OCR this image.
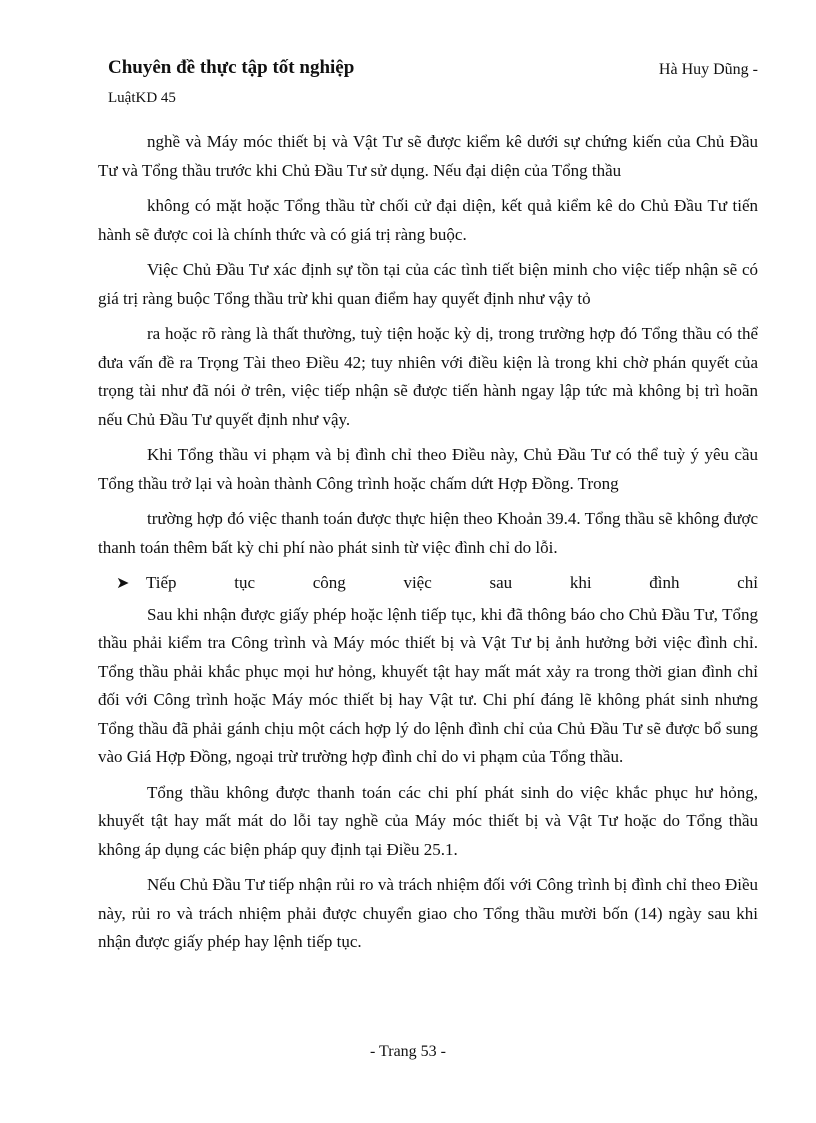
Chuyên đề thực tập tốt nghiệp	Hà Huy Dũng -
LuậtKD 45

nghề và Máy móc thiết bị và Vật Tư sẽ được kiểm kê dưới sự chứng kiến của Chủ Đầu Tư và Tổng thầu trước khi Chủ Đầu Tư sử dụng. Nếu đại diện của Tổng thầu

không có mặt hoặc Tổng thầu từ chối cử đại diện, kết quả kiểm kê do Chủ Đầu Tư tiến hành sẽ được coi là chính thức và có giá trị ràng buộc.

Việc Chủ Đầu Tư xác định sự tồn tại của các tình tiết biện minh cho việc tiếp nhận sẽ có giá trị ràng buộc Tổng thầu trừ khi quan điểm hay quyết định như vậy tỏ

ra hoặc rõ ràng là thất thường, tuỳ tiện hoặc kỳ dị, trong trường hợp đó Tổng thầu có thể đưa vấn đề ra Trọng Tài theo Điều 42; tuy nhiên với điều kiện là trong khi chờ phán quyết của trọng tài như đã nói ở trên, việc tiếp nhận sẽ được tiến hành ngay lập tức mà không bị trì hoãn nếu Chủ Đầu Tư quyết định như vậy.

Khi Tổng thầu vi phạm và bị đình chỉ theo Điều này, Chủ Đầu Tư có thể tuỳ ý yêu cầu Tổng thầu trở lại và hoàn thành Công trình hoặc chấm dứt Hợp Đồng. Trong

trường hợp đó việc thanh toán được thực hiện theo Khoản 39.4. Tổng thầu sẽ không được thanh toán thêm bất kỳ chi phí nào phát sinh từ việc đình chỉ do lỗi.

➤ Tiếp	tục	công	việc	sau	khi	đình	chỉ

Sau khi nhận được giấy phép hoặc lệnh tiếp tục, khi đã thông báo cho Chủ Đầu Tư, Tổng thầu phải kiểm tra Công trình và Máy móc thiết bị và Vật Tư bị ảnh hưởng bởi việc đình chỉ. Tổng thầu phải khắc phục mọi hư hỏng, khuyết tật hay mất mát xảy ra trong thời gian đình chỉ đối với Công trình hoặc Máy móc thiết bị hay Vật tư. Chi phí đáng lẽ không phát sinh nhưng Tổng thầu đã phải gánh chịu một cách hợp lý do lệnh đình chỉ của Chủ Đầu Tư sẽ được bổ sung vào Giá Hợp Đồng, ngoại trừ trường hợp đình chỉ do vi phạm của Tổng thầu.

Tổng thầu không được thanh toán các chi phí phát sinh do việc khắc phục hư hỏng, khuyết tật hay mất mát do lỗi tay nghề của Máy móc thiết bị và Vật Tư hoặc do Tổng thầu không áp dụng các biện pháp quy định tại Điều 25.1.

Nếu Chủ Đầu Tư tiếp nhận rủi ro và trách nhiệm đối với Công trình bị đình chỉ theo Điều này, rủi ro và trách nhiệm phải được chuyển giao cho Tổng thầu mười bốn (14) ngày sau khi nhận được giấy phép hay lệnh tiếp tục.

- Trang 53 -
